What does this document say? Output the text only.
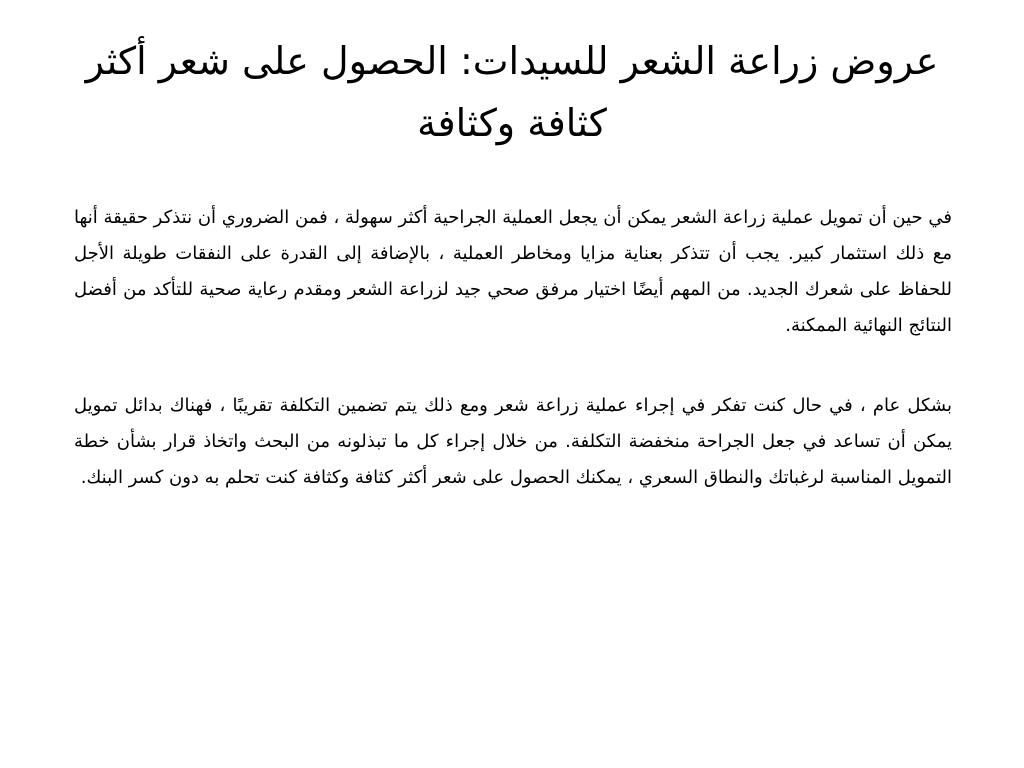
عروض زراعة الشعر للسيدات: الحصول على شعر أكثر كثافة وكثافة

في حين أن تمويل عملية زراعة الشعر يمكن أن يجعل العملية الجراحية أكثر سهولة ، فمن الضروري أن نتذكر حقيقة أنها مع ذلك استثمار كبير. يجب أن تتذكر بعناية مزايا ومخاطر العملية ، بالإضافة إلى القدرة على النفقات طويلة الأجل للحفاظ على شعرك الجديد. من المهم أيضًا اختيار مرفق صحي جيد لزراعة الشعر ومقدم رعاية صحية للتأكد من أفضل النتائج النهائية الممكنة.

بشكل عام ، في حال كنت تفكر في إجراء عملية زراعة شعر ومع ذلك يتم تضمين التكلفة تقريبًا ، فهناك بدائل تمويل يمكن أن تساعد في جعل الجراحة منخفضة التكلفة. من خلال إجراء كل ما تبذلونه من البحث واتخاذ قرار بشأن خطة التمويل المناسبة لرغباتك والنطاق السعري ، يمكنك الحصول على شعر أكثر كثافة وكثافة كنت تحلم به دون كسر البنك.
